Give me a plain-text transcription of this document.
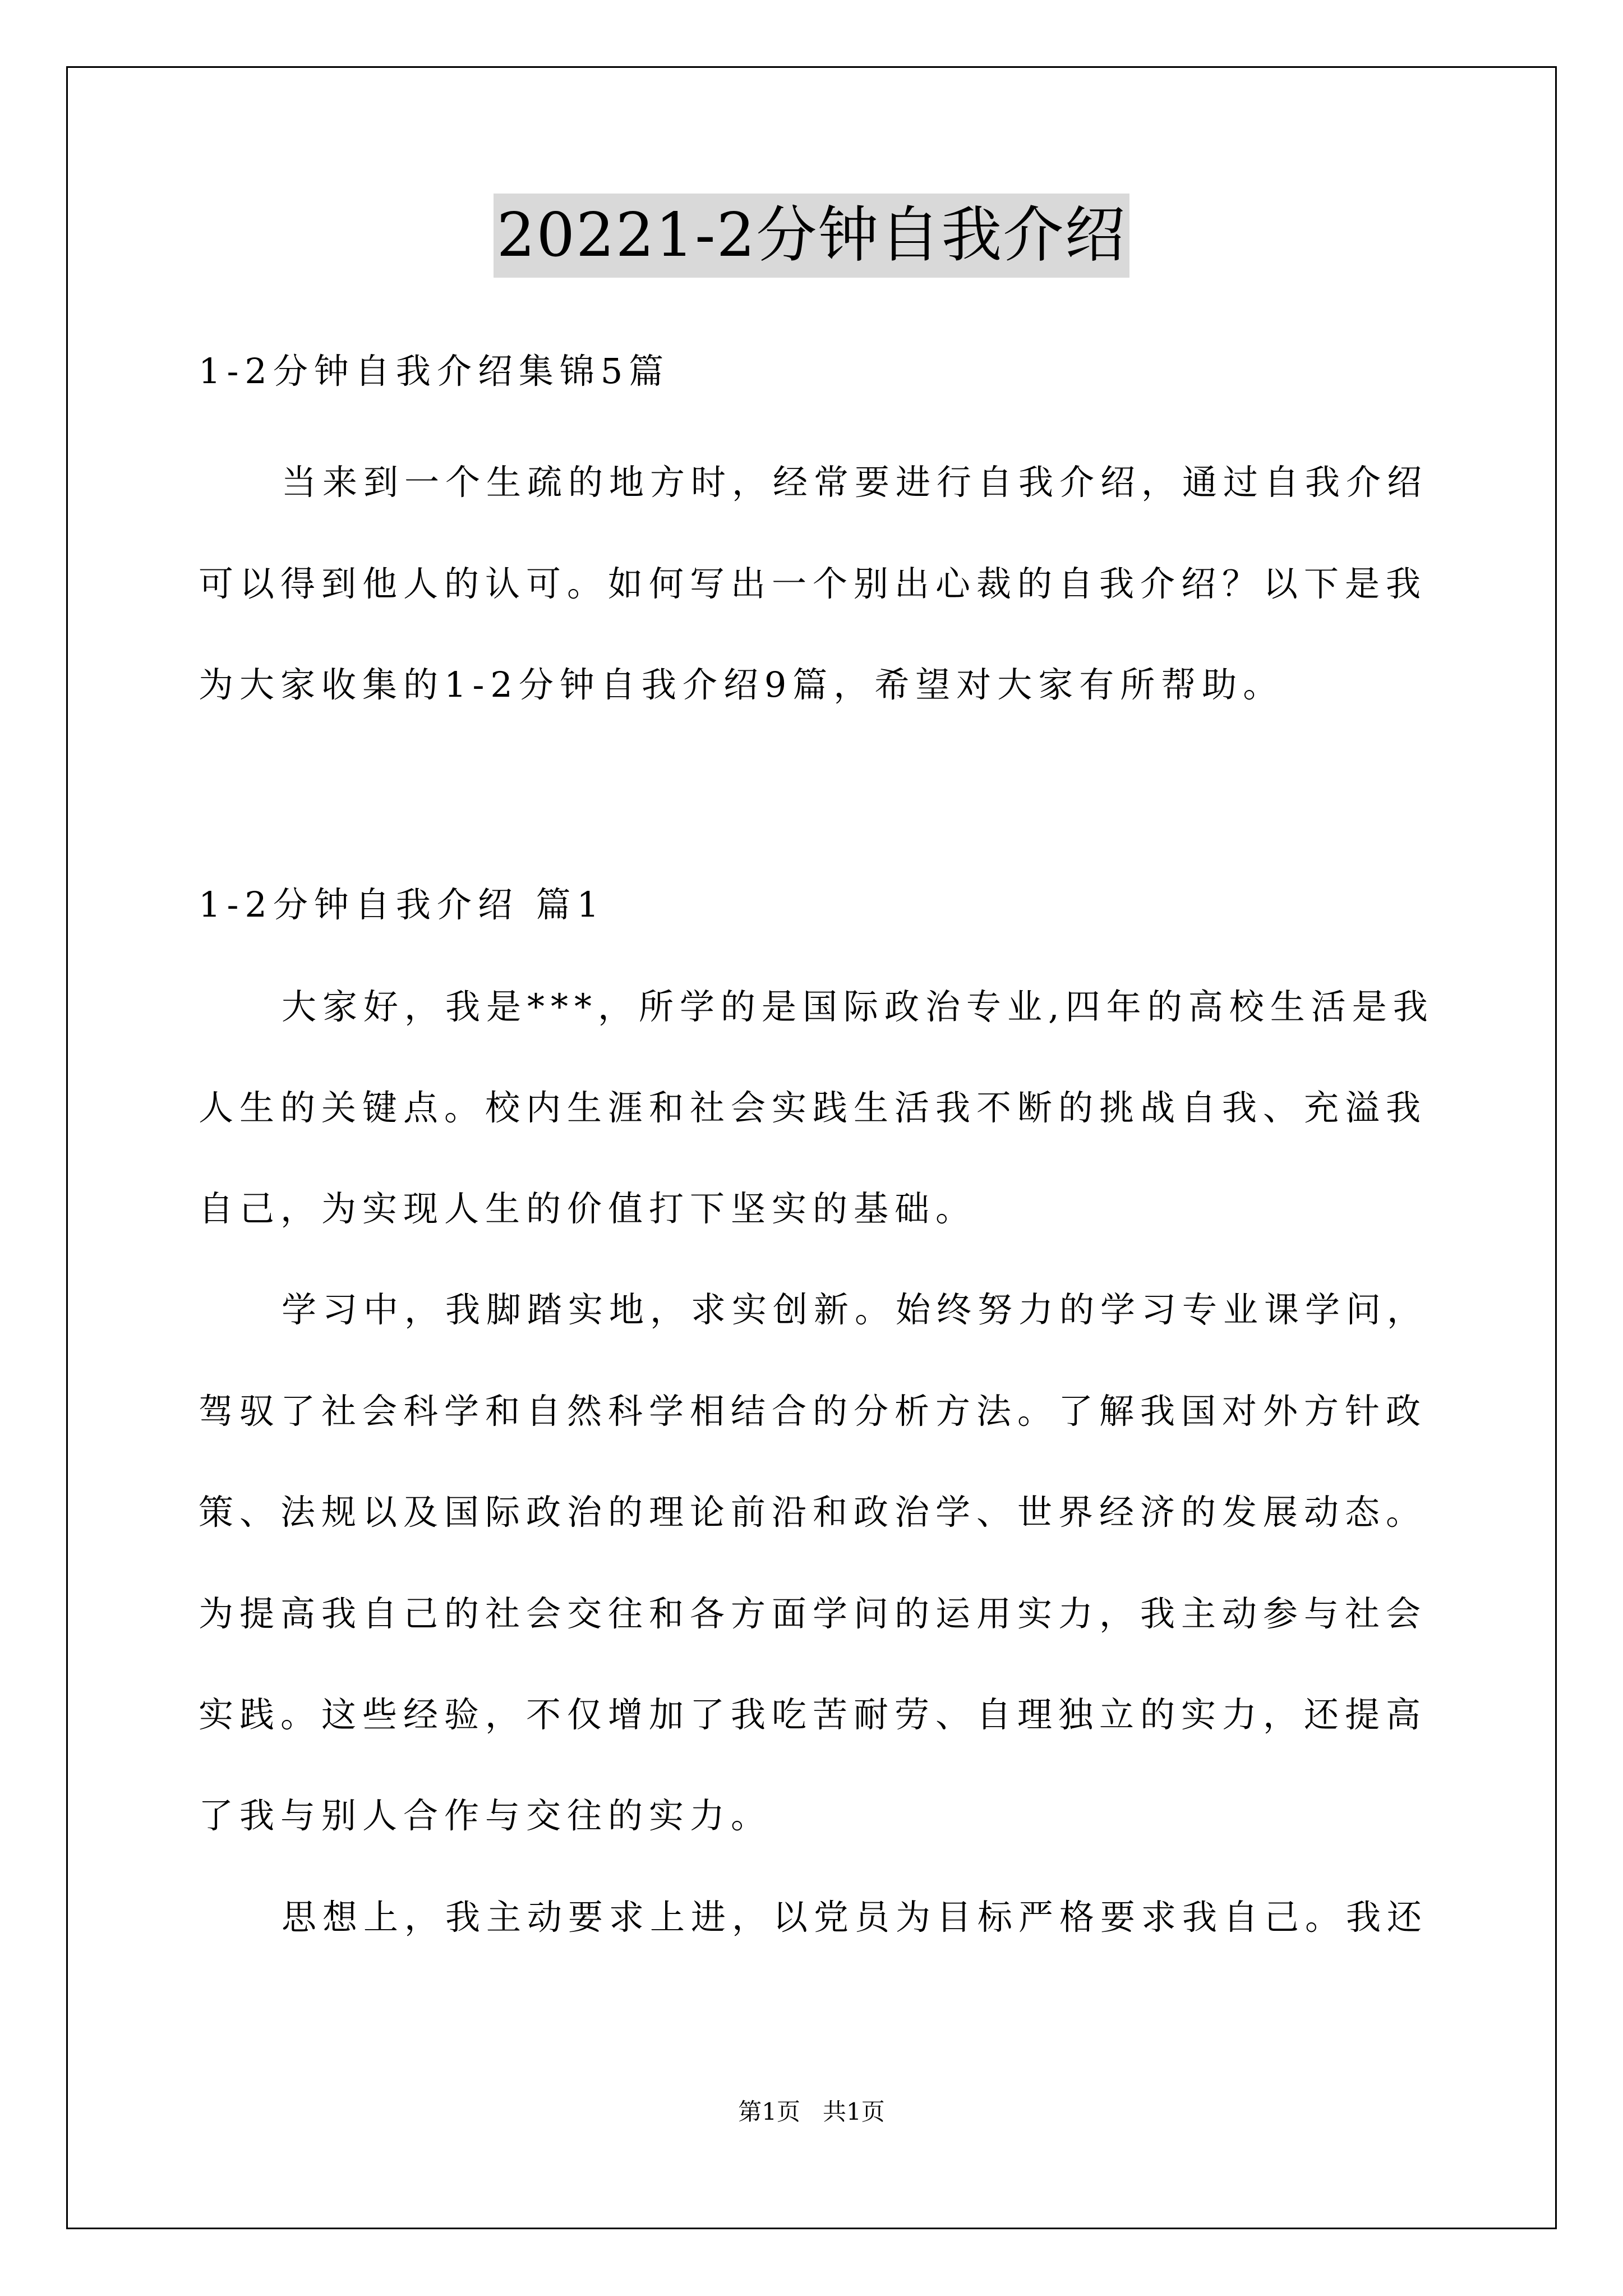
20221-2分钟自我介绍
1-2分钟自我介绍集锦5篇
当来到一个生疏的地方时，经常要进行自我介绍，通过自我介绍
可以得到他人的认可。如何写出一个别出心裁的自我介绍？以下是我
为大家收集的1-2分钟自我介绍9篇，希望对大家有所帮助。
1-2分钟自我介绍 篇1
大家好，我是***，所学的是国际政治专业,四年的高校生活是我
人生的关键点。校内生涯和社会实践生活我不断的挑战自我、充溢我
自己，为实现人生的价值打下坚实的基础。
学习中，我脚踏实地，求实创新。始终努力的学习专业课学问，
驾驭了社会科学和自然科学相结合的分析方法。了解我国对外方针政
策、法规以及国际政治的理论前沿和政治学、世界经济的发展动态。
为提高我自己的社会交往和各方面学问的运用实力，我主动参与社会
实践。这些经验，不仅增加了我吃苦耐劳、自理独立的实力，还提高
了我与别人合作与交往的实力。
思想上，我主动要求上进，以党员为目标严格要求我自己。我还
第1页   共1页
